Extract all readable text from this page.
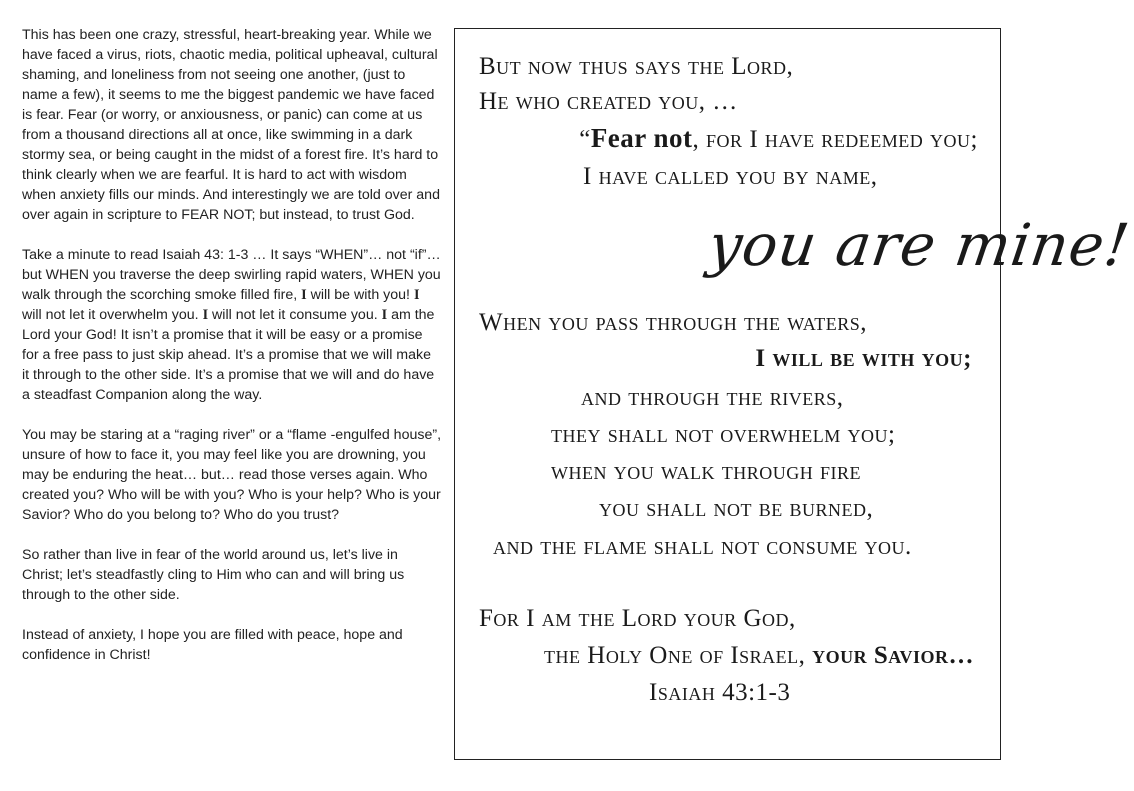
This has been one crazy, stressful, heart-breaking year. While we have faced a virus, riots, chaotic media, political upheaval, cultural shaming, and loneliness from not seeing one another, (just to name a few), it seems to me the biggest pandemic we have faced is fear. Fear (or worry, or anxiousness, or panic) can come at us from a thousand directions all at once, like swimming in a dark stormy sea, or being caught in the midst of a forest fire. It’s hard to think clearly when we are fearful. It is hard to act with wisdom when anxiety fills our minds. And interestingly we are told over and over again in scripture to FEAR NOT; but instead, to trust God.

Take a minute to read Isaiah 43: 1-3 … It says “WHEN”… not “if”… but WHEN you traverse the deep swirling rapid waters, WHEN you walk through the scorching smoke filled fire, I will be with you! I will not let it overwhelm you. I will not let it consume you. I am the Lord your God! It isn’t a promise that it will be easy or a promise for a free pass to just skip ahead. It’s a promise that we will make it through to the other side. It’s a promise that we will and do have a steadfast Companion along the way.

You may be staring at a “raging river” or a “flame -engulfed house”, unsure of how to face it, you may feel like you are drowning, you may be enduring the heat… but… read those verses again. Who created you? Who will be with you? Who is your help? Who is your Savior? Who do you belong to? Who do you trust?

So rather than live in fear of the world around us, let’s live in Christ; let’s steadfastly cling to Him who can and will bring us through to the other side.

Instead of anxiety, I hope you are filled with peace, hope and confidence in Christ!

But now thus says the Lord,
He who created you, …
“Fear not, for I have redeemed you;
I have called you by name,
you are mine!
When you pass through the waters,
I will be with you;
and through the rivers,
they shall not overwhelm you;
when you walk through fire
you shall not be burned,
and the flame shall not consume you.
For I am the Lord your God,
the Holy One of Israel, your Savior…
Isaiah 43:1-3
